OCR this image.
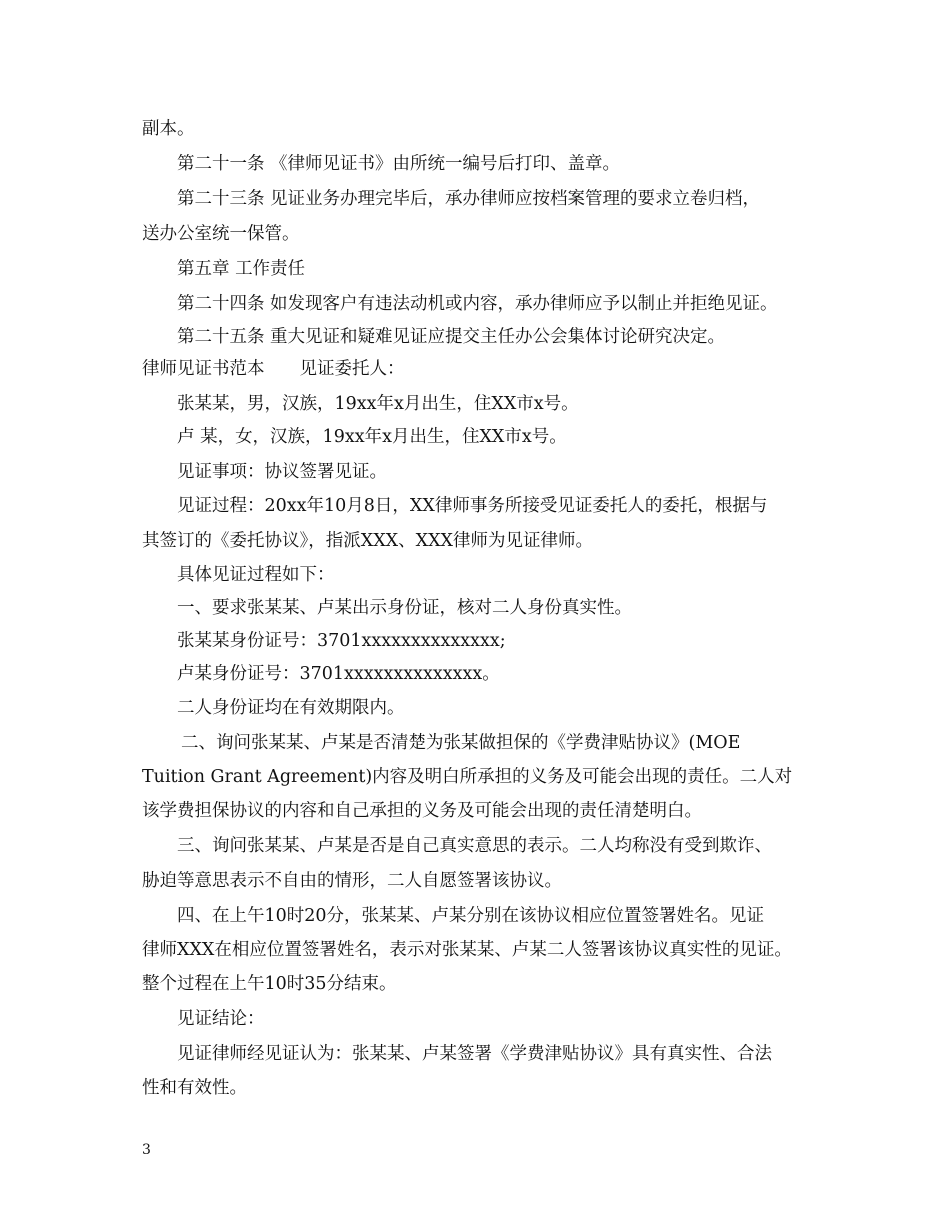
副本。

第二十一条 《律师见证书》由所统一编号后打印、盖章。

第二十三条 见证业务办理完毕后，承办律师应按档案管理的要求立卷归档，

送办公室统一保管。

第五章 工作责任

第二十四条 如发现客户有违法动机或内容，承办律师应予以制止并拒绝见证。

第二十五条 重大见证和疑难见证应提交主任办公会集体讨论研究决定。

律师见证书范本　　见证委托人：

张某某，男，汉族，19xx年x月出生，住XX市x号。

卢 某，女，汉族，19xx年x月出生，住XX市x号。

见证事项：协议签署见证。

见证过程：20xx年10月8日，XX律师事务所接受见证委托人的委托，根据与

其签订的《委托协议》，指派XXX、XXX律师为见证律师。

具体见证过程如下：

一、要求张某某、卢某出示身份证，核对二人身份真实性。

张某某身份证号：3701xxxxxxxxxxxxxx;

卢某身份证号：3701xxxxxxxxxxxxxx。

二人身份证均在有效期限内。

二、询问张某某、卢某是否清楚为张某做担保的《学费津贴协议》(MOE

Tuition Grant Agreement)内容及明白所承担的义务及可能会出现的责任。二人对

该学费担保协议的内容和自己承担的义务及可能会出现的责任清楚明白。

三、询问张某某、卢某是否是自己真实意思的表示。二人均称没有受到欺诈、

胁迫等意思表示不自由的情形，二人自愿签署该协议。

四、在上午10时20分，张某某、卢某分别在该协议相应位置签署姓名。见证

律师XXX在相应位置签署姓名，表示对张某某、卢某二人签署该协议真实性的见证。

整个过程在上午10时35分结束。

见证结论：

见证律师经见证认为：张某某、卢某签署《学费津贴协议》具有真实性、合法

性和有效性。

3
